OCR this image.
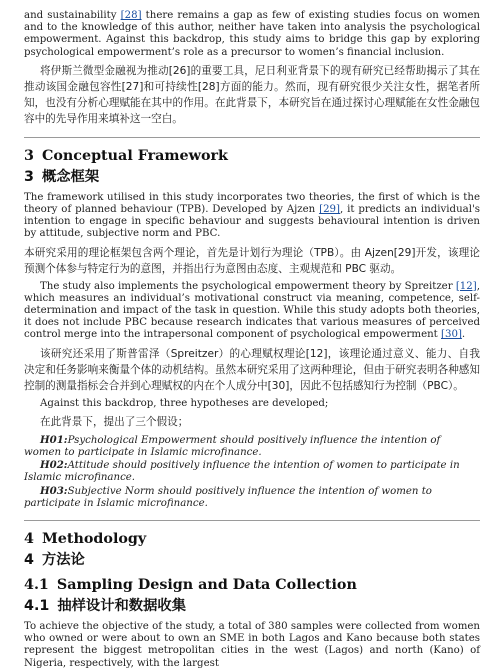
and sustainability [28] there remains a gap as few of existing studies focus on women and to the knowledge of this author, neither have taken into analysis the psychological empowerment. Against this backdrop, this study aims to bridge this gap by exploring psychological empowerment’s role as a precursor to women’s financial inclusion.

将伊斯兰微型金融视为推动[26]的重要工具，尼日利亚背景下的现有研究已经帮助揭示了其在推动该国金融包容性[27]和可持续性[28]方面的能力。然而，现有研究很少关注女性，据笔者所知，也没有分析心理赋能在其中的作用。在此背景下，本研究旨在通过探讨心理赋能在女性金融包容中的先导作用来填补这一空白。

3 Conceptual Framework
3 概念框架

The framework utilised in this study incorporates two theories, the first of which is the theory of planned behaviour (TPB). Developed by Ajzen [29], it predicts an individual's intention to engage in specific behaviour and suggests behavioural intention is driven by attitude, subjective norm and PBC.

本研究采用的理论框架包含两个理论，首先是计划行为理论（TPB）。由 Ajzen[29]开发，该理论预测个体参与特定行为的意图，并指出行为意图由态度、主观规范和 PBC 驱动。

The study also implements the psychological empowerment theory by Spreitzer [12], which measures an individual’s motivational construct via meaning, competence, self-determination and impact of the task in question. While this study adopts both theories, it does not include PBC because research indicates that various measures of perceived control merge into the intrapersonal component of psychological empowerment [30].

该研究还采用了斯普雷泽（Spreitzer）的心理赋权理论[12]，该理论通过意义、能力、自我决定和任务影响来衡量个体的动机结构。虽然本研究采用了这两种理论，但由于研究表明各种感知控制的测量指标会合并到心理赋权的内在个人成分中[30]，因此不包括感知行为控制（PBC）。

Against this backdrop, three hypotheses are developed;

在此背景下，提出了三个假设；

H01:Psychological Empowerment should positively influence the intention of women to participate in Islamic microfinance.

H02:Attitude should positively influence the intention of women to participate in Islamic microfinance.

H03:Subjective Norm should positively influence the intention of women to participate in Islamic microfinance.

4 Methodology
4 方法论
4.1 Sampling Design and Data Collection
4.1 抽样设计和数据收集

To achieve the objective of the study, a total of 380 samples were collected from women who owned or were about to own an SME in both Lagos and Kano because both states represent the biggest metropolitan cities in the west (Lagos) and north (Kano) of Nigeria, respectively, with the largest
